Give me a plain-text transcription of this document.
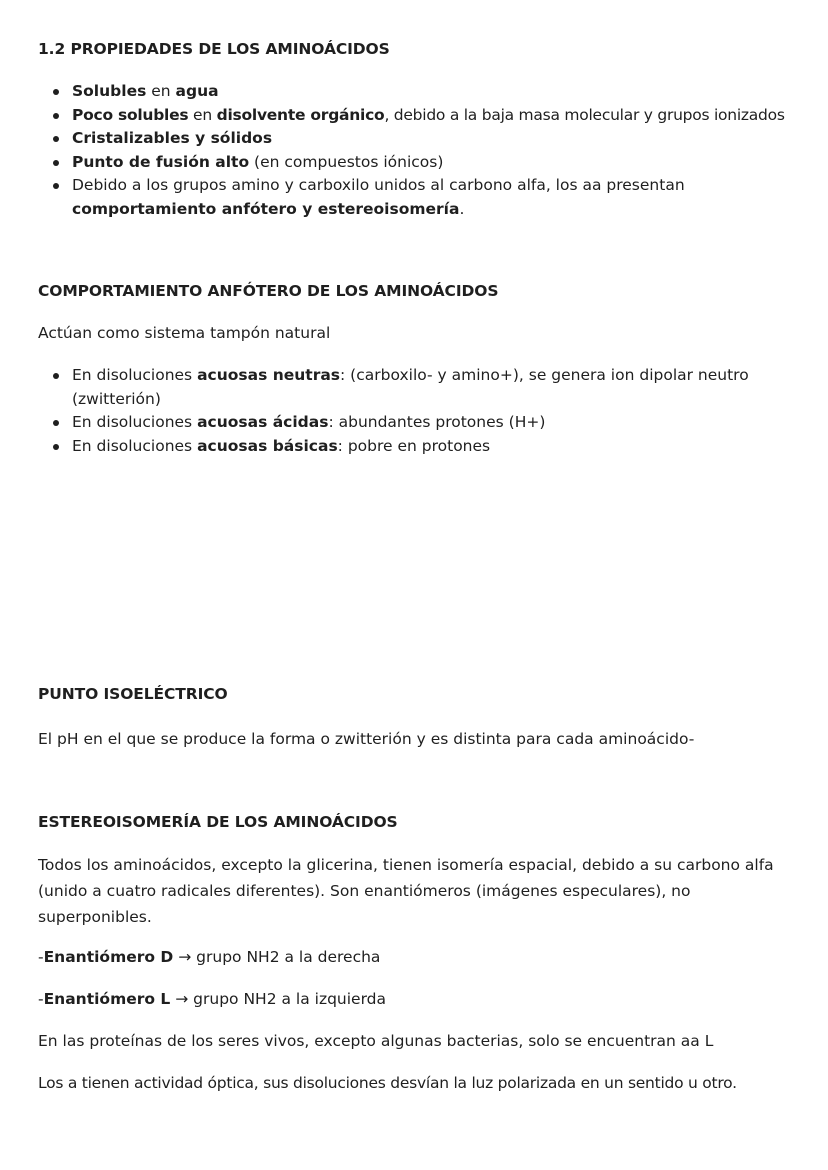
1.2 PROPIEDADES DE LOS AMINOÁCIDOS
Solubles en agua
Poco solubles en disolvente orgánico, debido a la baja masa molecular y grupos ionizados
Cristalizables y sólidos
Punto de fusión alto (en compuestos iónicos)
Debido a los grupos amino y carboxilo unidos al carbono alfa, los aa presentan comportamiento anfótero y estereoisomería.
COMPORTAMIENTO ANFÓTERO DE LOS AMINOÁCIDOS
Actúan como sistema tampón natural
En disoluciones acuosas neutras: (carboxilo- y amino+), se genera ion dipolar neutro (zwitterión)
En disoluciones acuosas ácidas: abundantes protones (H+)
En disoluciones acuosas básicas: pobre en protones
PUNTO ISOELÉCTRICO
El pH en el que se produce la forma o zwitterión y es distinta para cada aminoácido-
ESTEREOISOMERÍA DE LOS AMINOÁCIDOS
Todos los aminoácidos, excepto la glicerina, tienen isomería espacial, debido a su carbono alfa (unido a cuatro radicales diferentes). Son enantiómeros (imágenes especulares), no superponibles.
-Enantiómero D → grupo NH2 a la derecha
-Enantiómero L → grupo NH2 a la izquierda
En las proteínas de los seres vivos, excepto algunas bacterias, solo se encuentran aa L
Los a tienen actividad óptica, sus disoluciones desvían la luz polarizada en un sentido u otro.
